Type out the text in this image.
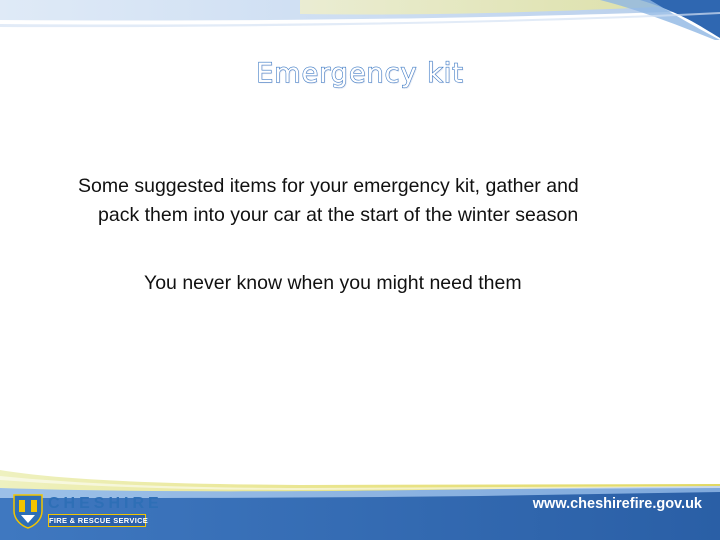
Emergency kit
Some suggested items for your emergency kit, gather and
pack them into your car at the start of the winter season
You never know when you might need them
CHESHIRE
FIRE & RESCUE SERVICE
www.cheshirefire.gov.uk
